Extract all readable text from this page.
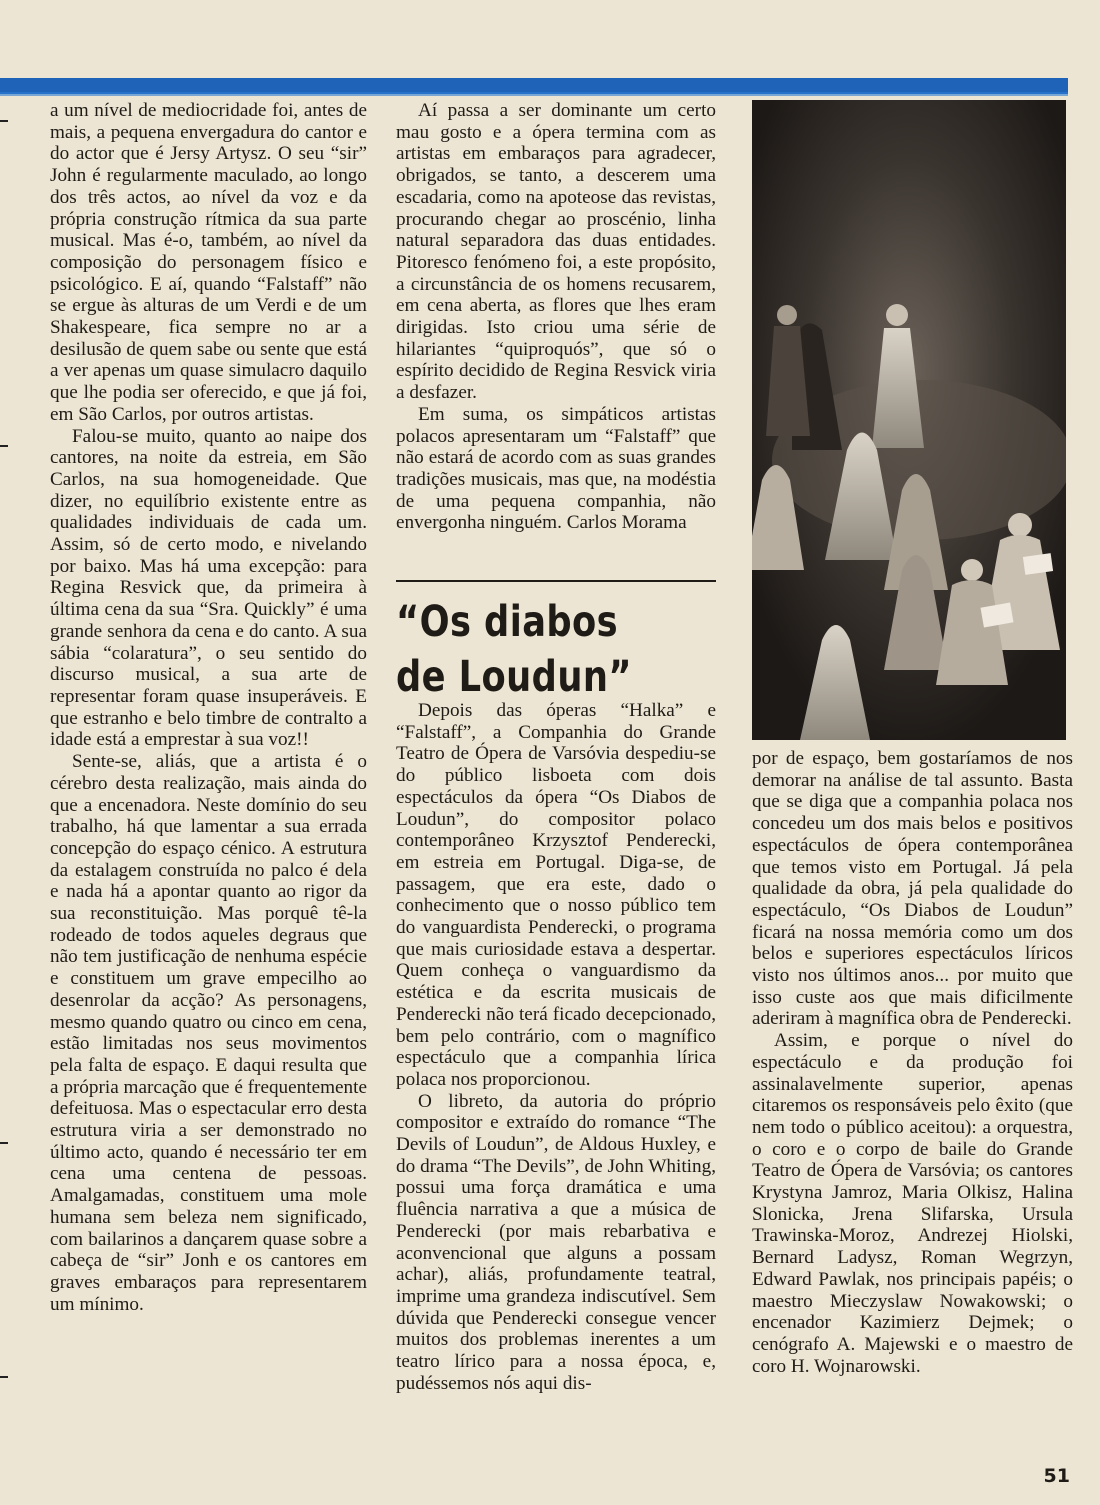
a um nível de mediocridade foi, antes de mais, a pequena envergadura do cantor e do actor que é Jersy Artysz. O seu “sir” John é regularmente maculado, ao longo dos três actos, ao nível da voz e da própria construção rítmica da sua parte musical. Mas é-o, também, ao nível da composição do personagem físico e psicológico. E aí, quando “Falstaff” não se ergue às alturas de um Verdi e de um Shakespeare, fica sempre no ar a desilusão de quem sabe ou sente que está a ver apenas um quase simulacro daquilo que lhe podia ser oferecido, e que já foi, em São Carlos, por outros artistas.

Falou-se muito, quanto ao naipe dos cantores, na noite da estreia, em São Carlos, na sua homogeneidade. Que dizer, no equilíbrio existente entre as qualidades individuais de cada um. Assim, só de certo modo, e nivelando por baixo. Mas há uma excepção: para Regina Resvick que, da primeira à última cena da sua “Sra. Quickly” é uma grande senhora da cena e do canto. A sua sábia “colaratura”, o seu sentido do discurso musical, a sua arte de representar foram quase insuperáveis. E que estranho e belo timbre de contralto a idade está a emprestar à sua voz!!

Sente-se, aliás, que a artista é o cérebro desta realização, mais ainda do que a encenadora. Neste domínio do seu trabalho, há que lamentar a sua errada concepção do espaço cénico. A estrutura da estalagem construída no palco é dela e nada há a apontar quanto ao rigor da sua reconstituição. Mas porquê tê-la rodeado de todos aqueles degraus que não tem justificação de nenhuma espécie e constituem um grave empecilho ao desenrolar da acção? As personagens, mesmo quando quatro ou cinco em cena, estão limitadas nos seus movimentos pela falta de espaço. E daqui resulta que a própria marcação que é frequentemente defeituosa. Mas o espectacular erro desta estrutura viria a ser demonstrado no último acto, quando é necessário ter em cena uma centena de pessoas. Amalgamadas, constituem uma mole humana sem beleza nem significado, com bailarinos a dançarem quase sobre a cabeça de “sir” Jonh e os cantores em graves embaraços para representarem um mínimo.

Aí passa a ser dominante um certo mau gosto e a ópera termina com as artistas em embaraços para agradecer, obrigados, se tanto, a descerem uma escadaria, como na apoteose das revistas, procurando chegar ao proscénio, linha natural separadora das duas entidades. Pitoresco fenómeno foi, a este propósito, a circunstância de os homens recusarem, em cena aberta, as flores que lhes eram dirigidas. Isto criou uma série de hilariantes “quiproquós”, que só o espírito decidido de Regina Resvick viria a desfazer.

Em suma, os simpáticos artistas polacos apresentaram um “Falstaff” que não estará de acordo com as suas grandes tradições musicais, mas que, na modéstia de uma pequena companhia, não envergonha ninguém. Carlos Morama

“Os diabos
de Loudun”

Depois das óperas “Halka” e “Falstaff”, a Companhia do Grande Teatro de Ópera de Varsóvia despediu-se do público lisboeta com dois espectáculos da ópera “Os Diabos de Loudun”, do compositor polaco contemporâneo Krzysztof Penderecki, em estreia em Portugal. Diga-se, de passagem, que era este, dado o conhecimento que o nosso público tem do vanguardista Penderecki, o programa que mais curiosidade estava a despertar. Quem conheça o vanguardismo da estética e da escrita musicais de Penderecki não terá ficado decepcionado, bem pelo contrário, com o magnífico espectáculo que a companhia lírica polaca nos proporcionou.

O libreto, da autoria do próprio compositor e extraído do romance “The Devils of Loudun”, de Aldous Huxley, e do drama “The Devils”, de John Whiting, possui uma força dramática e uma fluência narrativa a que a música de Penderecki (por mais rebarbativa e aconvencional que alguns a possam achar), aliás, profundamente teatral, imprime uma grandeza indiscutível. Sem dúvida que Penderecki consegue vencer muitos dos problemas inerentes a um teatro lírico para a nossa época, e, pudéssemos nós aqui dis-

por de espaço, bem gostaríamos de nos demorar na análise de tal assunto. Basta que se diga que a companhia polaca nos concedeu um dos mais belos e positivos espectáculos de ópera contemporânea que temos visto em Portugal. Já pela qualidade da obra, já pela qualidade do espectáculo, “Os Diabos de Loudun” ficará na nossa memória como um dos belos e superiores espectáculos líricos visto nos últimos anos... por muito que isso custe aos que mais dificilmente aderiram à magnífica obra de Penderecki.

Assim, e porque o nível do espectáculo e da produção foi assinalavelmente superior, apenas citaremos os responsáveis pelo êxito (que nem todo o público aceitou): a orquestra, o coro e o corpo de baile do Grande Teatro de Ópera de Varsóvia; os cantores Krystyna Jamroz, Maria Olkisz, Halina Slonicka, Jrena Slifarska, Ursula Trawinska-Moroz, Andrezej Hiolski, Bernard Ladysz, Roman Wegrzyn, Edward Pawlak, nos principais papéis; o maestro Mieczyslaw Nowakowski; o encenador Kazimierz Dejmek; o cenógrafo A. Majewski e o maestro de coro H. Wojnarowski.

51
